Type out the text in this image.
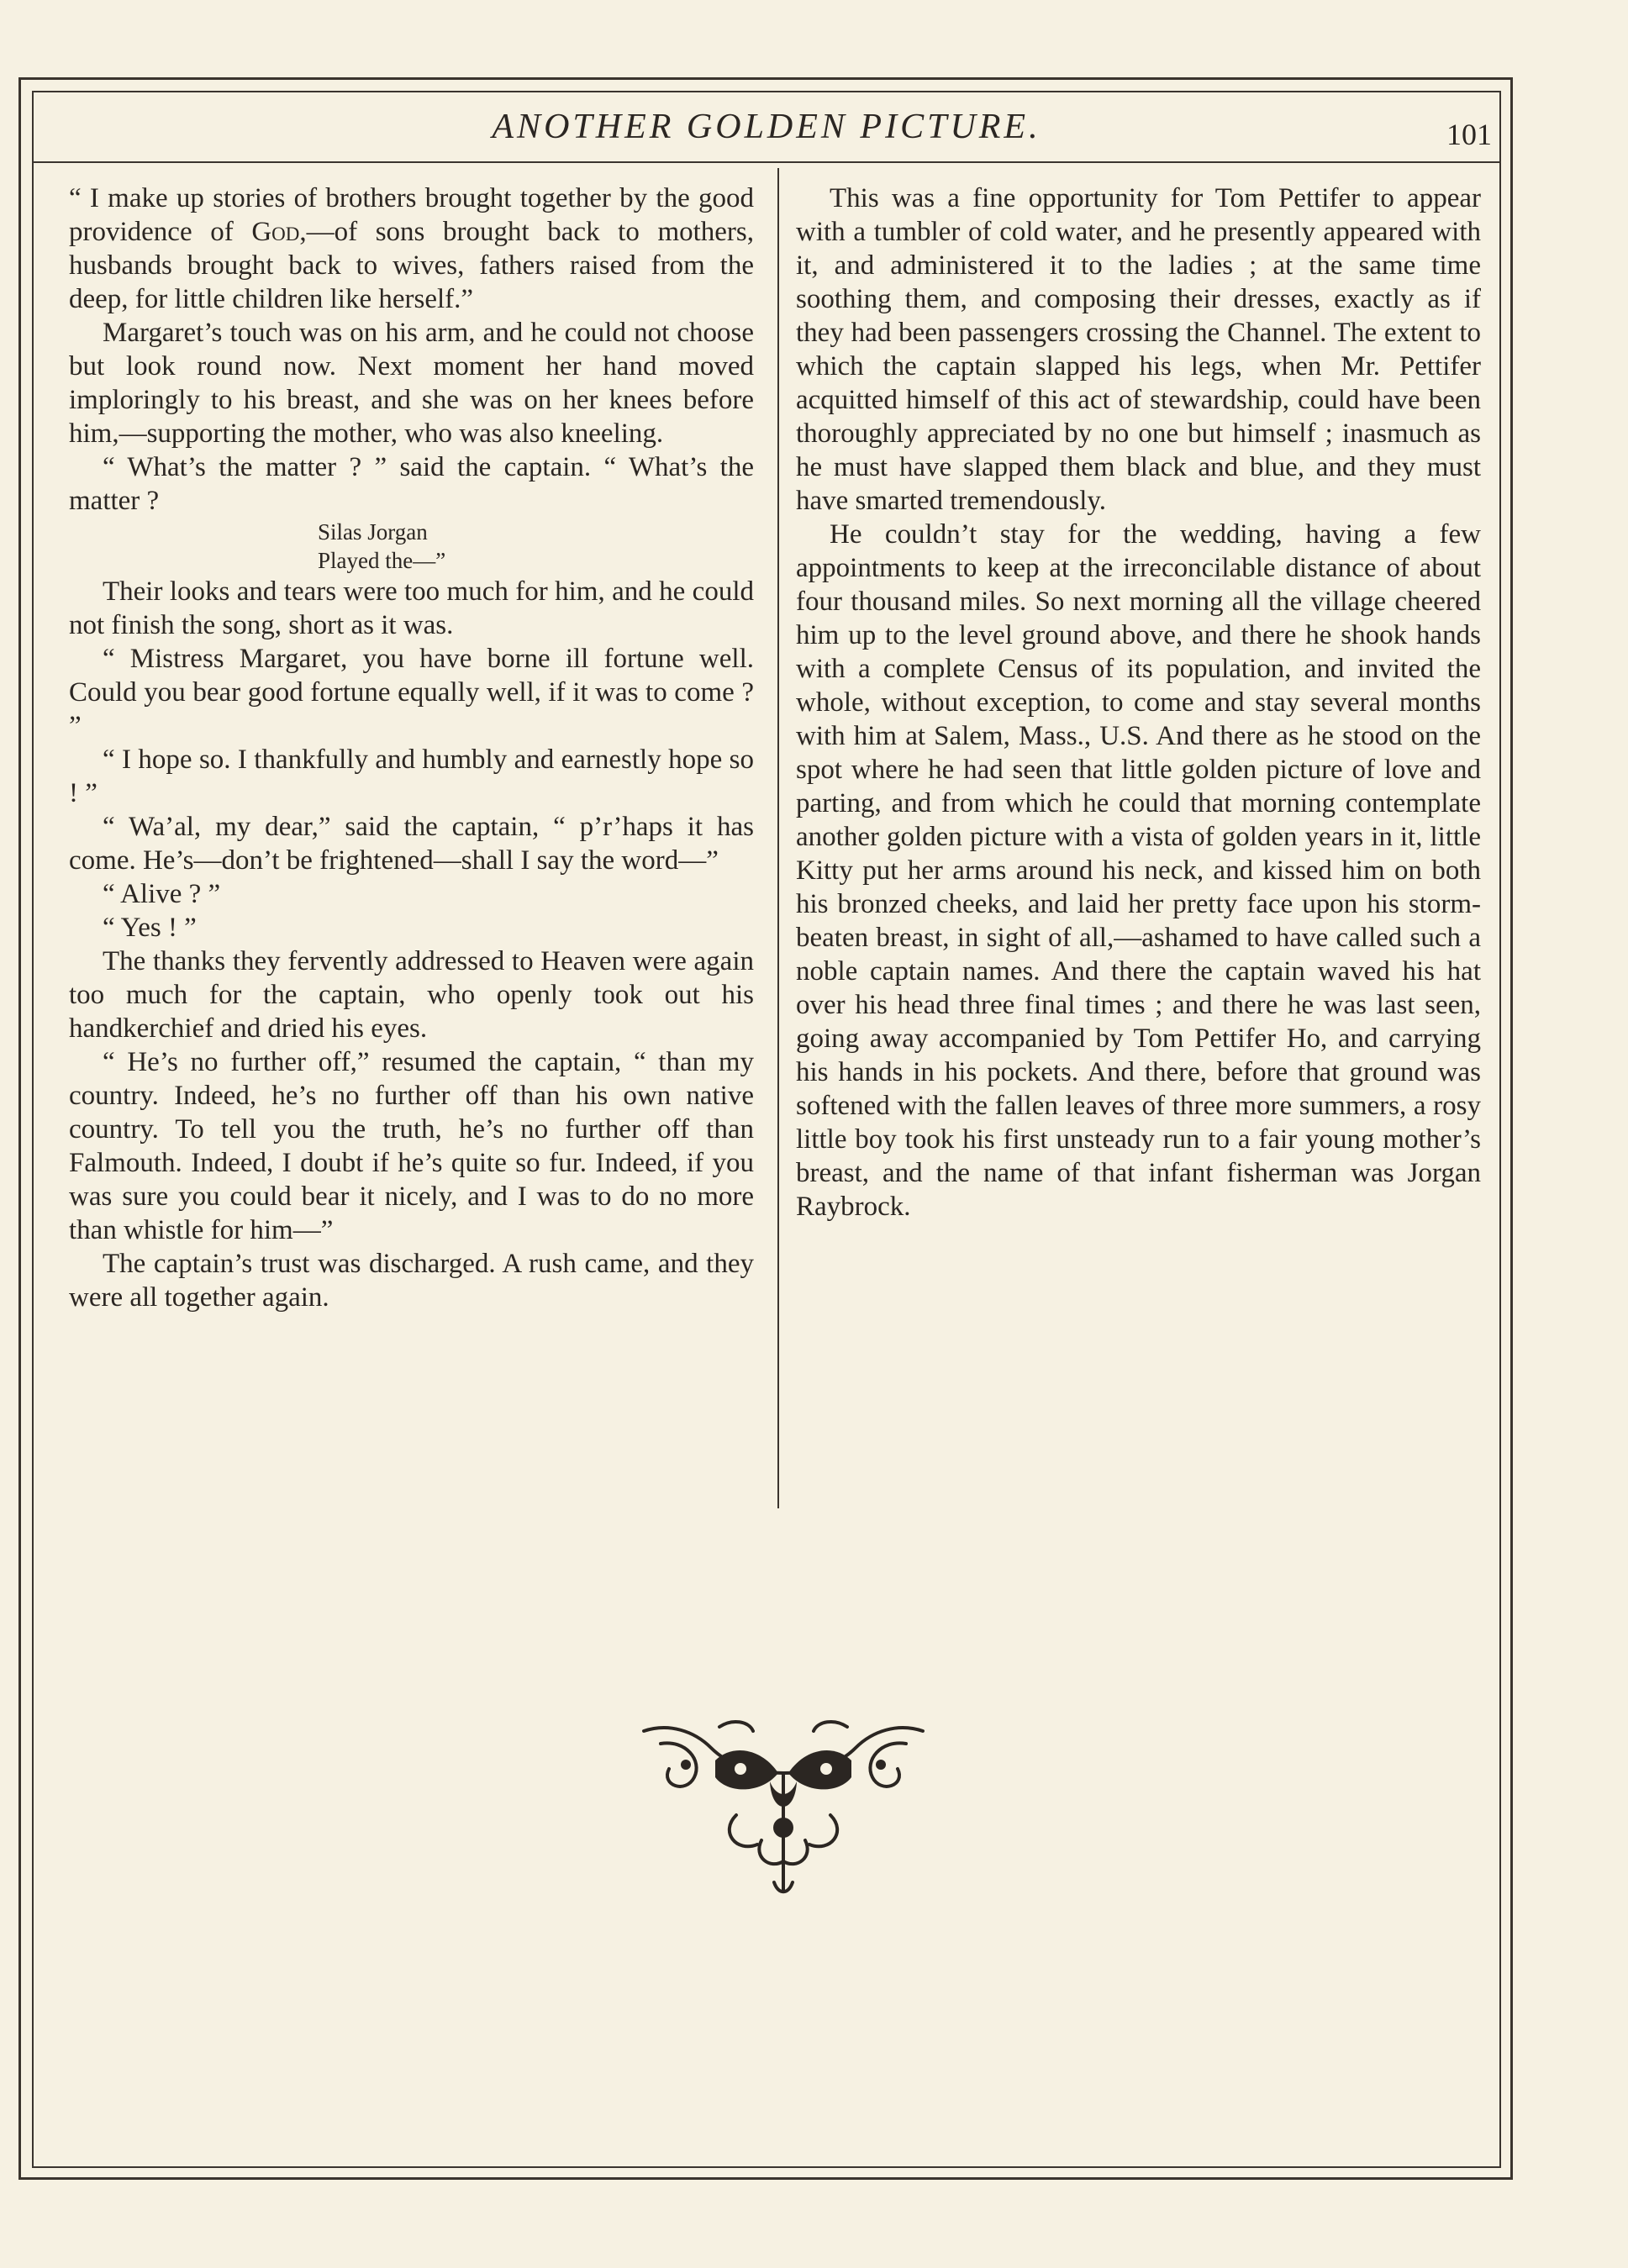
ANOTHER GOLDEN PICTURE.	101

“ I make up stories of brothers brought together by the good providence of God,—of sons brought back to mothers, husbands brought back to wives, fathers raised from the deep, for little children like herself.”

Margaret’s touch was on his arm, and he could not choose but look round now. Next moment her hand moved imploringly to his breast, and she was on her knees before him,—supporting the mother, who was also kneeling.

“ What’s the matter ? ” said the captain. “ What’s the matter ?

Silas Jorgan
Played the—”

Their looks and tears were too much for him, and he could not finish the song, short as it was.

“ Mistress Margaret, you have borne ill fortune well. Could you bear good fortune equally well, if it was to come ? ”

“ I hope so. I thankfully and humbly and earnestly hope so ! ”

“ Wa’al, my dear,” said the captain, “ p’r’haps it has come. He’s—don’t be frightened—shall I say the word—”

“ Alive ? ”

“ Yes ! ”

The thanks they fervently addressed to Heaven were again too much for the captain, who openly took out his handkerchief and dried his eyes.

“ He’s no further off,” resumed the captain, “ than my country. Indeed, he’s no further off than his own native country. To tell you the truth, he’s no further off than Falmouth. Indeed, I doubt if he’s quite so fur. Indeed, if you was sure you could bear it nicely, and I was to do no more than whistle for him—”

The captain’s trust was discharged. A rush came, and they were all together again.

This was a fine opportunity for Tom Pettifer to appear with a tumbler of cold water, and he presently appeared with it, and administered it to the ladies ; at the same time soothing them, and composing their dresses, exactly as if they had been passengers crossing the Channel. The extent to which the captain slapped his legs, when Mr. Pettifer acquitted himself of this act of stewardship, could have been thoroughly appreciated by no one but himself ; inasmuch as he must have slapped them black and blue, and they must have smarted tremendously.

He couldn’t stay for the wedding, having a few appointments to keep at the irreconcilable distance of about four thousand miles. So next morning all the village cheered him up to the level ground above, and there he shook hands with a complete Census of its population, and invited the whole, without exception, to come and stay several months with him at Salem, Mass., U.S. And there as he stood on the spot where he had seen that little golden picture of love and parting, and from which he could that morning contemplate another golden picture with a vista of golden years in it, little Kitty put her arms around his neck, and kissed him on both his bronzed cheeks, and laid her pretty face upon his storm-beaten breast, in sight of all,—ashamed to have called such a noble captain names. And there the captain waved his hat over his head three final times ; and there he was last seen, going away accompanied by Tom Pettifer Ho, and carrying his hands in his pockets. And there, before that ground was softened with the fallen leaves of three more summers, a rosy little boy took his first unsteady run to a fair young mother’s breast, and the name of that infant fisherman was Jorgan Raybrock.
